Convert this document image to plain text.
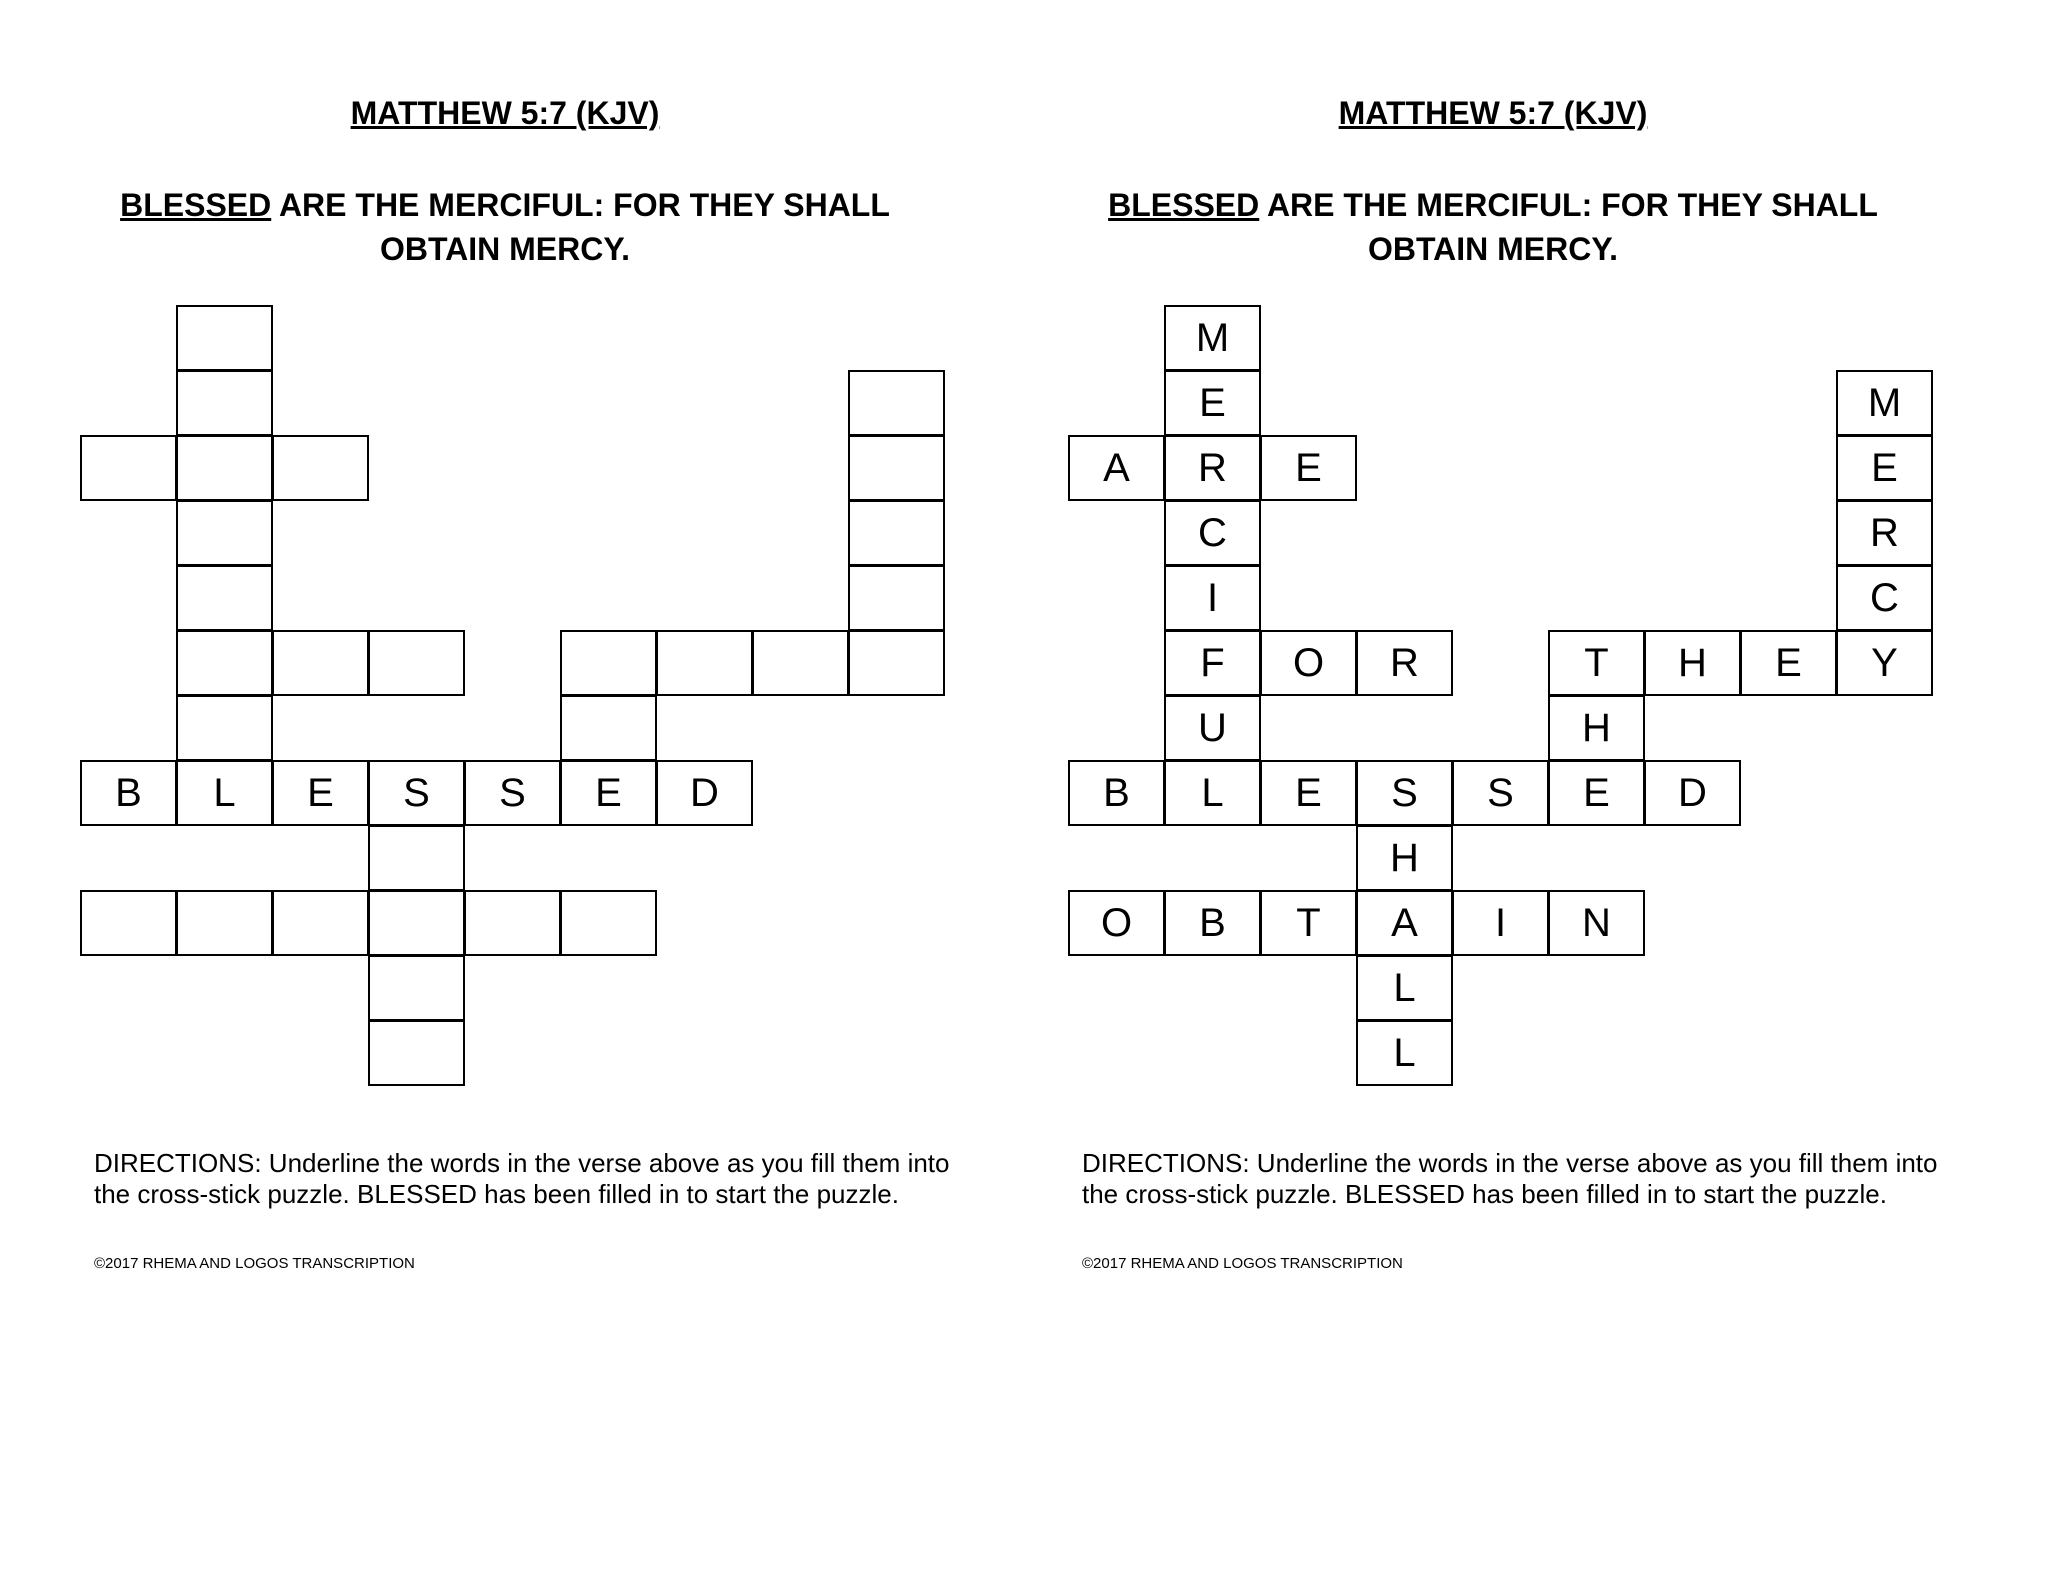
MATTHEW 5:7 (KJV)
BLESSED ARE THE MERCIFUL: FOR THEY SHALL
OBTAIN MERCY.
B	L	E	S	S	E	D
DIRECTIONS: Underline the words in the verse above as you fill them into
the cross-stick puzzle. BLESSED has been filled in to start the puzzle.
©2017 RHEMA AND LOGOS TRANSCRIPTION
MATTHEW 5:7 (KJV)
BLESSED ARE THE MERCIFUL: FOR THEY SHALL
OBTAIN MERCY.
M
E	M
A	R	E	E
C	R
I	C
F	O	R	T	H	E	Y
U	H
B	L	E	S	S	E	D
H
O	B	T	A	I	N
L
L
DIRECTIONS: Underline the words in the verse above as you fill them into
the cross-stick puzzle. BLESSED has been filled in to start the puzzle.
©2017 RHEMA AND LOGOS TRANSCRIPTION
